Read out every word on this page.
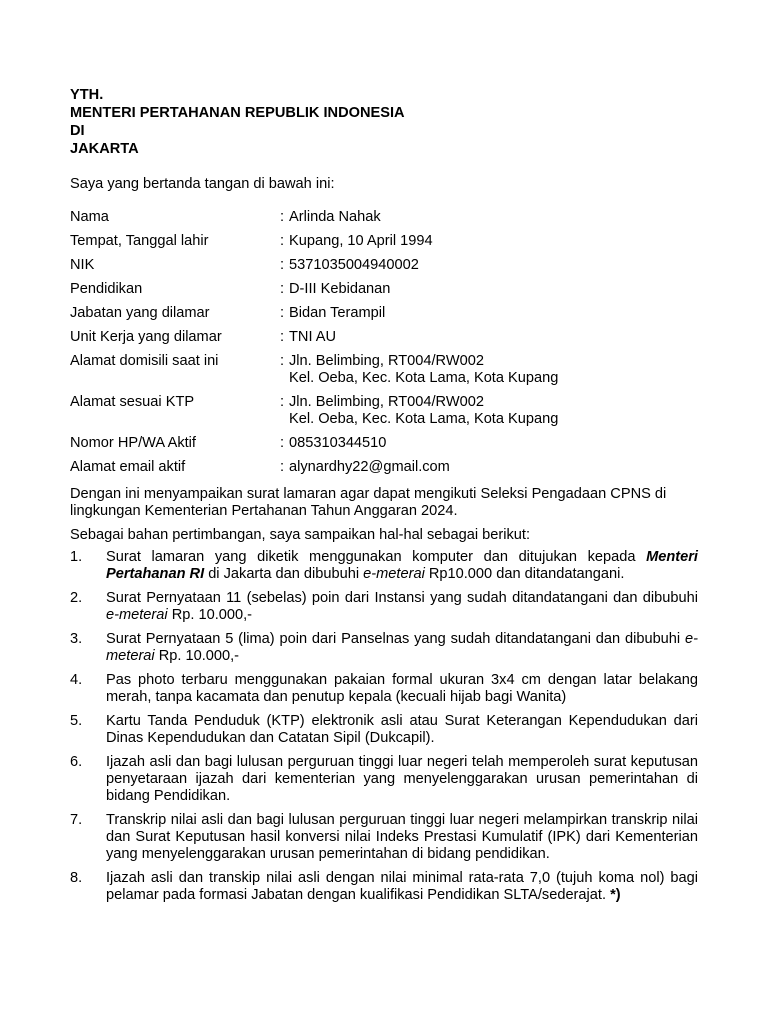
YTH.
MENTERI PERTAHANAN REPUBLIK INDONESIA
DI
JAKARTA
Saya yang bertanda tangan di bawah ini:
Nama	: Arlinda Nahak
Tempat, Tanggal lahir	: Kupang, 10 April 1994
NIK	: 5371035004940002
Pendidikan	: D-III Kebidanan
Jabatan yang dilamar	: Bidan Terampil
Unit Kerja yang dilamar	: TNI AU
Alamat domisili saat ini	: Jln. Belimbing, RT004/RW002
Kel. Oeba, Kec. Kota Lama, Kota Kupang
Alamat sesuai KTP	: Jln. Belimbing, RT004/RW002
Kel. Oeba, Kec. Kota Lama, Kota Kupang
Nomor HP/WA Aktif	: 085310344510
Alamat email aktif	: alynardhy22@gmail.com
Dengan ini menyampaikan surat lamaran agar dapat mengikuti Seleksi Pengadaan CPNS di lingkungan Kementerian Pertahanan Tahun Anggaran 2024.
Sebagai bahan pertimbangan, saya sampaikan hal-hal sebagai berikut:
1.	Surat lamaran yang diketik menggunakan komputer dan ditujukan kepada Menteri Pertahanan RI di Jakarta dan dibubuhi e-meterai Rp10.000 dan ditandatangani.
2.	Surat Pernyataan 11 (sebelas) poin dari Instansi yang sudah ditandatangani dan dibubuhi e-meterai Rp. 10.000,-
3.	Surat Pernyataan 5 (lima) poin dari Panselnas yang sudah ditandatangani dan dibubuhi e-meterai Rp. 10.000,-
4.	Pas photo terbaru menggunakan pakaian formal ukuran 3x4 cm dengan latar belakang merah, tanpa kacamata dan penutup kepala (kecuali hijab bagi Wanita)
5.	Kartu Tanda Penduduk (KTP) elektronik asli atau Surat Keterangan Kependudukan dari Dinas Kependudukan dan Catatan Sipil (Dukcapil).
6.	Ijazah asli dan bagi lulusan perguruan tinggi luar negeri telah memperoleh surat keputusan penyetaraan ijazah dari kementerian yang menyelenggarakan urusan pemerintahan di bidang Pendidikan.
7.	Transkrip nilai asli dan bagi lulusan perguruan tinggi luar negeri melampirkan transkrip nilai dan Surat Keputusan hasil konversi nilai Indeks Prestasi Kumulatif (IPK) dari Kementerian yang menyelenggarakan urusan pemerintahan di bidang pendidikan.
8.	Ijazah asli dan transkip nilai asli dengan nilai minimal rata-rata 7,0 (tujuh koma nol) bagi pelamar pada formasi Jabatan dengan kualifikasi Pendidikan SLTA/sederajat. *)
